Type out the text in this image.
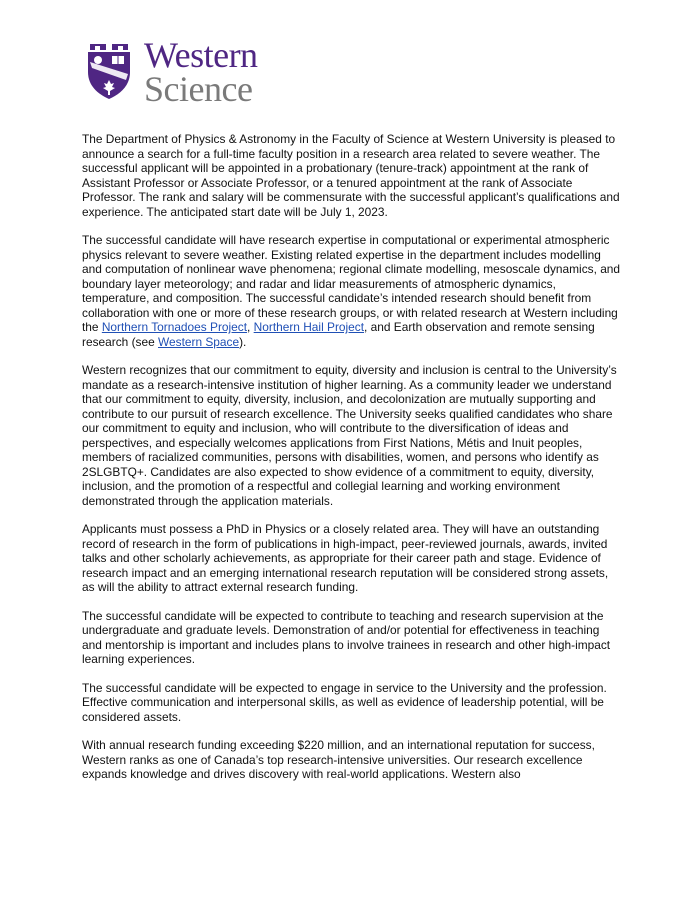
Western
Science

The Department of Physics & Astronomy in the Faculty of Science at Western University is pleased to announce a search for a full-time faculty position in a research area related to severe weather. The successful applicant will be appointed in a probationary (tenure-track) appointment at the rank of Assistant Professor or Associate Professor, or a tenured appointment at the rank of Associate Professor. The rank and salary will be commensurate with the successful applicant’s qualifications and experience. The anticipated start date will be July 1, 2023.

The successful candidate will have research expertise in computational or experimental atmospheric physics relevant to severe weather. Existing related expertise in the department includes modelling and computation of nonlinear wave phenomena; regional climate modelling, mesoscale dynamics, and boundary layer meteorology; and radar and lidar measurements of atmospheric dynamics, temperature, and composition. The successful candidate’s intended research should benefit from collaboration with one or more of these research groups, or with related research at Western including the Northern Tornadoes Project, Northern Hail Project, and Earth observation and remote sensing research (see Western Space).

Western recognizes that our commitment to equity, diversity and inclusion is central to the University’s mandate as a research-intensive institution of higher learning. As a community leader we understand that our commitment to equity, diversity, inclusion, and decolonization are mutually supporting and contribute to our pursuit of research excellence. The University seeks qualified candidates who share our commitment to equity and inclusion, who will contribute to the diversification of ideas and perspectives, and especially welcomes applications from First Nations, Métis and Inuit peoples, members of racialized communities, persons with disabilities, women, and persons who identify as 2SLGBTQ+. Candidates are also expected to show evidence of a commitment to equity, diversity, inclusion, and the promotion of a respectful and collegial learning and working environment demonstrated through the application materials.

Applicants must possess a PhD in Physics or a closely related area. They will have an outstanding record of research in the form of publications in high-impact, peer-reviewed journals, awards, invited talks and other scholarly achievements, as appropriate for their career path and stage. Evidence of research impact and an emerging international research reputation will be considered strong assets, as will the ability to attract external research funding.

The successful candidate will be expected to contribute to teaching and research supervision at the undergraduate and graduate levels. Demonstration of and/or potential for effectiveness in teaching and mentorship is important and includes plans to involve trainees in research and other high-impact learning experiences.

The successful candidate will be expected to engage in service to the University and the profession. Effective communication and interpersonal skills, as well as evidence of leadership potential, will be considered assets.

With annual research funding exceeding $220 million, and an international reputation for success, Western ranks as one of Canada’s top research-intensive universities. Our research excellence expands knowledge and drives discovery with real-world applications. Western also
